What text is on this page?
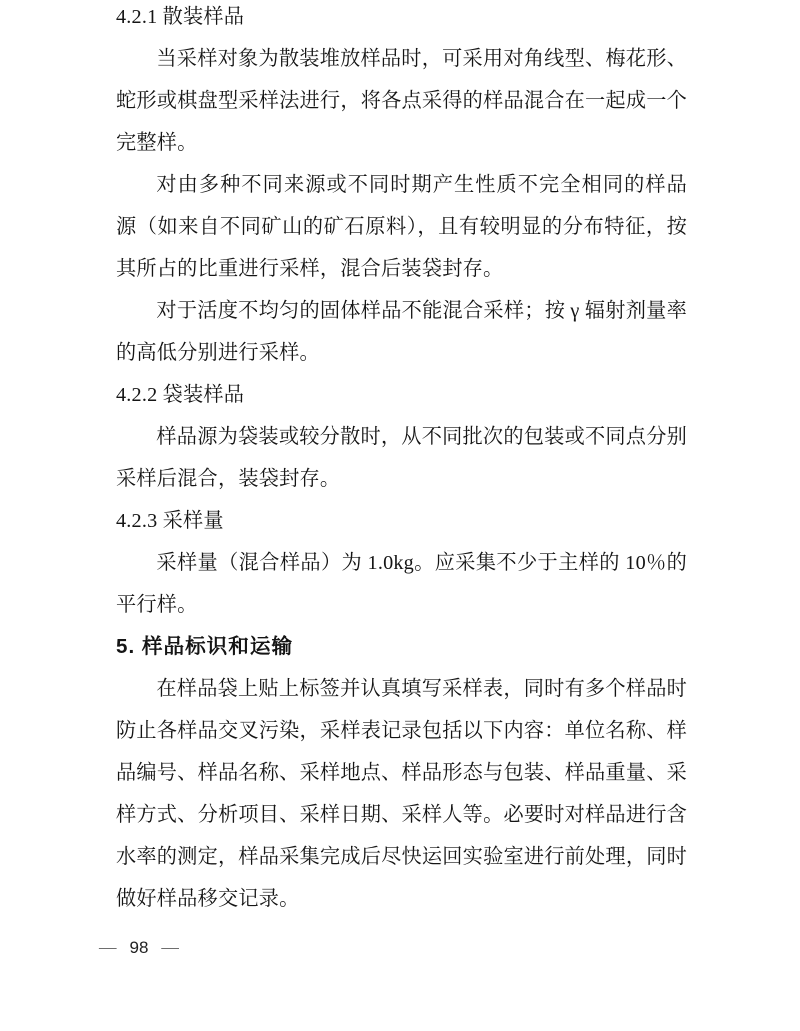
4.2.1 散装样品
当采样对象为散装堆放样品时，可采用对角线型、梅花形、
蛇形或棋盘型采样法进行，将各点采得的样品混合在一起成一个
完整样。
对由多种不同来源或不同时期产生性质不完全相同的样品
源（如来自不同矿山的矿石原料），且有较明显的分布特征，按
其所占的比重进行采样，混合后装袋封存。
对于活度不均匀的固体样品不能混合采样；按 γ 辐射剂量率
的高低分别进行采样。
4.2.2 袋装样品
样品源为袋装或较分散时，从不同批次的包装或不同点分别
采样后混合，装袋封存。
4.2.3 采样量
采样量（混合样品）为 1.0kg。应采集不少于主样的 10％的
平行样。
5. 样品标识和运输
在样品袋上贴上标签并认真填写采样表，同时有多个样品时
防止各样品交叉污染，采样表记录包括以下内容：单位名称、样
品编号、样品名称、采样地点、样品形态与包装、样品重量、采
样方式、分析项目、采样日期、采样人等。必要时对样品进行含
水率的测定，样品采集完成后尽快运回实验室进行前处理，同时
做好样品移交记录。
— 98 —
